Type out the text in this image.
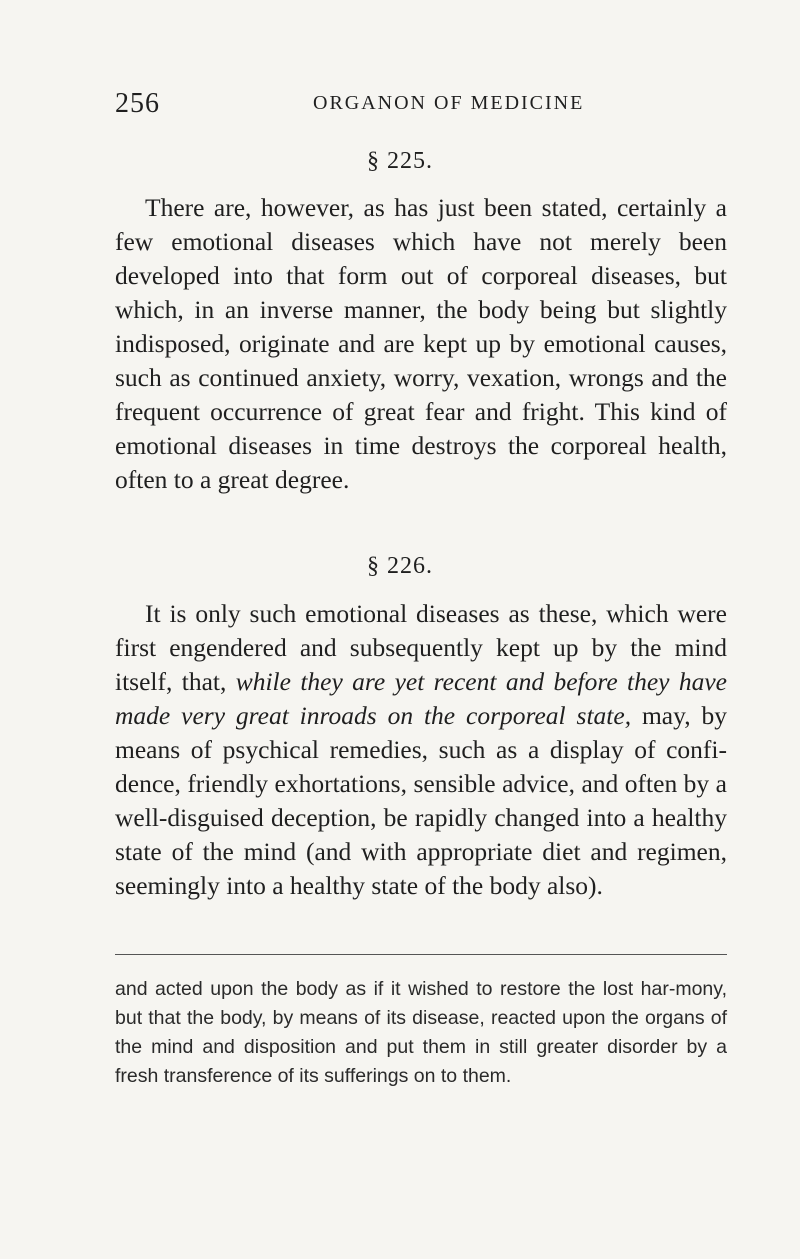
256	ORGANON OF MEDICINE
§ 225.

There are, however, as has just been stated, certainly a few emotional diseases which have not merely been developed into that form out of corporeal diseases, but which, in an inverse manner, the body being but slightly indisposed, originate and are kept up by emotional causes, such as continued anxiety, worry, vexation, wrongs and the frequent occurrence of great fear and fright. This kind of emotional diseases in time destroys the corporeal health, often to a great degree.

§ 226.

It is only such emotional diseases as these, which were first engendered and subsequently kept up by the mind itself, that, while they are yet recent and before they have made very great inroads on the corporeal state, may, by means of psychical remedies, such as a display of confi-dence, friendly exhortations, sensible advice, and often by a well-disguised deception, be rapidly changed into a healthy state of the mind (and with appropriate diet and regimen, seemingly into a healthy state of the body also).

and acted upon the body as if it wished to restore the lost har-mony, but that the body, by means of its disease, reacted upon the organs of the mind and disposition and put them in still greater disorder by a fresh transference of its sufferings on to them.
